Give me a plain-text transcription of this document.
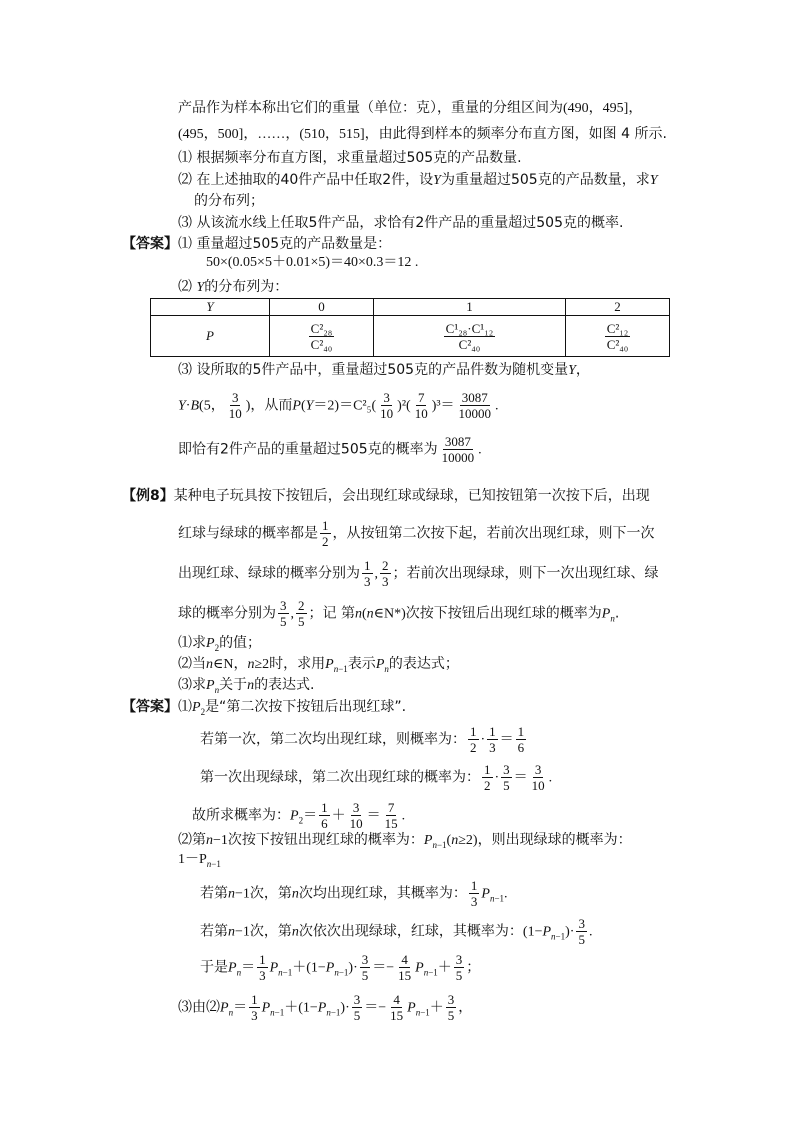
产品作为样本称出它们的重量（单位：克），重量的分组区间为(490，495]，
(495，500]，……，(510，515]，由此得到样本的频率分布直方图，如图 4 所示.
⑴ 根据频率分布直方图，求重量超过505克的产品数量.
⑵ 在上述抽取的40件产品中任取2件，设Y为重量超过505克的产品数量，求Y
的分布列；
⑶ 从该流水线上任取5件产品，求恰有2件产品的重量超过505克的概率.
【答案】⑴ 重量超过505克的产品数量是：
50×(0.05×5＋0.01×5)＝40×0.3＝12 .
⑵ Y的分布列为：
Y	0	1	2
P	$\frac{\text{C²₂₈}}{\text{C²₄₀}}$	$\frac{\text{C¹₂₈·C¹₁₂}}{\text{C²₄₀}}$	$\frac{\text{C²₁₂}}{\text{C²₄₀}}$
⑶ 设所取的5件产品中，重量超过505克的产品件数为随机变量Y，
Y·B(5， $\frac{3}{10}$ )，从而$P(Y=2)=C^2_5( \frac{3}{10} )^2( \frac{7}{10} )^3= \frac{3087}{10000}$ .
即恰有2件产品的重量超过505克的概率为 $\frac{3087}{10000}$ .
【例8】某种电子玩具按下按钮后，会出现红球或绿球，已知按钮第一次按下后，出现
红球与绿球的概率都是 $\frac{1}{2}$ ，从按钮第二次按下起，若前次出现红球，则下一次
出现红球、绿球的概率分别为 $\frac{1}{3}$ , $\frac{2}{3}$ ；若前次出现绿球，则下一次出现红球、绿
球的概率分别为 $\frac{3}{5}$ , $\frac{2}{5}$ ；记 第n(n∈N*)次按下按钮后出现红球的概率为$P_n$.
⑴求$P_2$的值；
⑵当n∈N，n≥2时，求用$P_{n-1}$表示$P_n$的表达式；
⑶求$P_n$关于n的表达式.
【答案】$⑴P_2$是“第二次按下按钮后出现红球”.
若第一次，第二次均出现红球，则概率为： $\frac{1}{2} \cdot \frac{1}{3} = \frac{1}{6}$
第一次出现绿球，第二次出现红球的概率为： $\frac{1}{2} \cdot \frac{3}{5} = \frac{3}{10}$ .
故所求概率为：$P_2= \frac{1}{6} + \frac{3}{10} = \frac{7}{15}$ .
⑵第n−1次按下按钮出现红球的概率为：$P_{n-1}(n\ge 2)$，则出现绿球的概率为：
$1-P_{n-1}$
若第n−1次，第n次均出现红球，其概率为： $\frac{1}{3} P_{n-1}$.
若第n−1次，第n次依次出现绿球，红球，其概率为：$(1-P_{n-1})\cdot \frac{3}{5}$ .
于是$P_n= \frac{1}{3} P_{n-1}+(1-P_{n-1})\cdot \frac{3}{5} =- \frac{4}{15} P_{n-1}+ \frac{3}{5}$ ；
⑶由$⑵P_n= \frac{1}{3} P_{n-1}+(1-P_{n-1})\cdot \frac{3}{5} =- \frac{4}{15} P_{n-1}+ \frac{3}{5}$ ，
